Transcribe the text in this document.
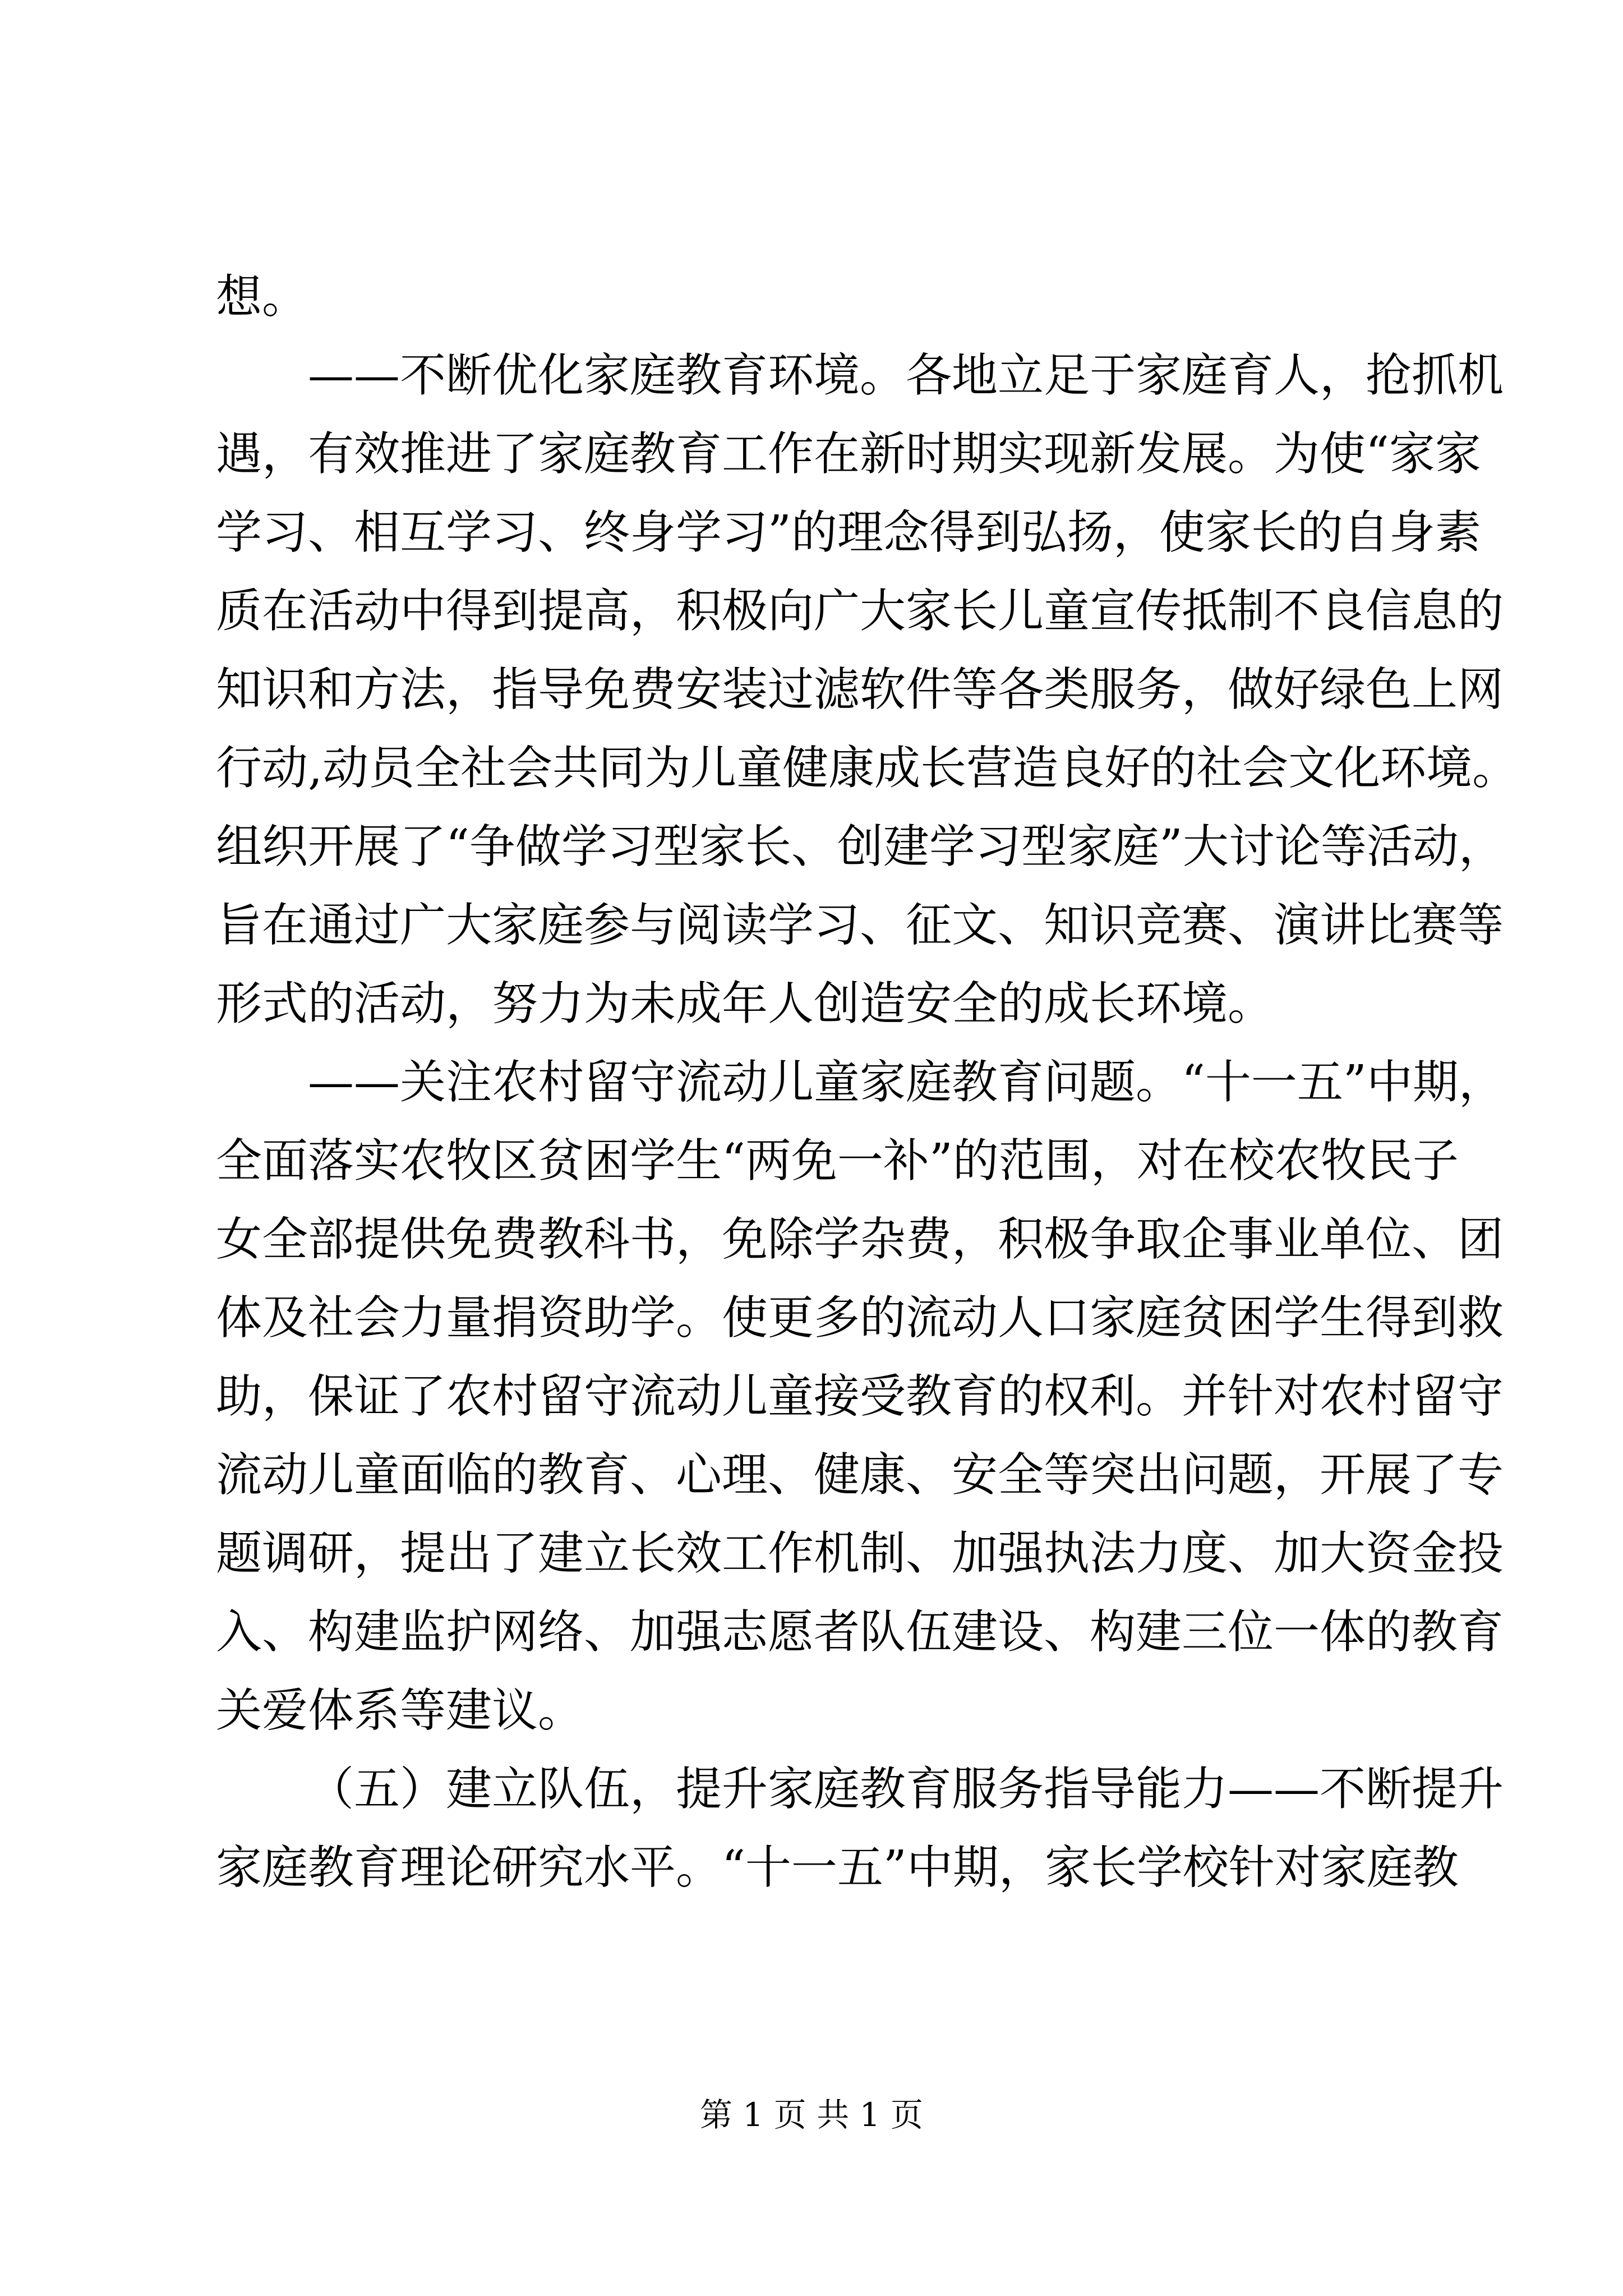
想。
——不断优化家庭教育环境。各地立足于家庭育人，抢抓机
遇，有效推进了家庭教育工作在新时期实现新发展。为使“家家
学习、相互学习、终身学习”的理念得到弘扬，使家长的自身素
质在活动中得到提高，积极向广大家长儿童宣传抵制不良信息的
知识和方法，指导免费安装过滤软件等各类服务，做好绿色上网
行动,动员全社会共同为儿童健康成长营造良好的社会文化环境。
组织开展了“争做学习型家长、创建学习型家庭”大讨论等活动，
旨在通过广大家庭参与阅读学习、征文、知识竞赛、演讲比赛等
形式的活动，努力为未成年人创造安全的成长环境。
——关注农村留守流动儿童家庭教育问题。“十一五”中期，
全面落实农牧区贫困学生“两免一补”的范围，对在校农牧民子
女全部提供免费教科书，免除学杂费，积极争取企事业单位、团
体及社会力量捐资助学。使更多的流动人口家庭贫困学生得到救
助，保证了农村留守流动儿童接受教育的权利。并针对农村留守
流动儿童面临的教育、心理、健康、安全等突出问题，开展了专
题调研，提出了建立长效工作机制、加强执法力度、加大资金投
入、构建监护网络、加强志愿者队伍建设、构建三位一体的教育
关爱体系等建议。
（五）建立队伍，提升家庭教育服务指导能力——不断提升
家庭教育理论研究水平。“十一五”中期，家长学校针对家庭教
第 1 页 共 1 页
